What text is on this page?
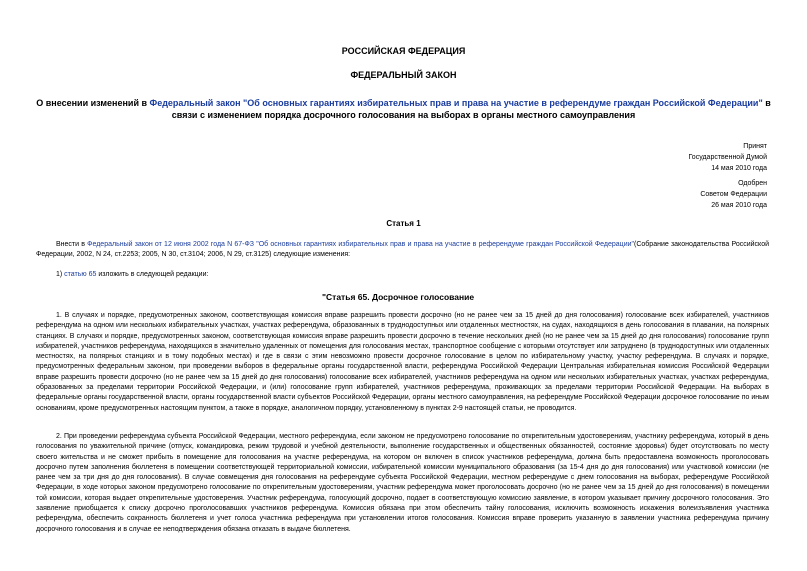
РОССИЙСКАЯ ФЕДЕРАЦИЯ
ФЕДЕРАЛЬНЫЙ ЗАКОН
О внесении изменений в Федеральный закон "Об основных гарантиях избирательных прав и права на участие в референдуме граждан Российской Федерации" в связи с изменением порядка досрочного голосования на выборах в органы местного самоуправления
Принят
Государственной Думой
14 мая 2010 года
Одобрен
Советом Федерации
26 мая 2010 года
Статья 1
Внести в Федеральный закон от 12 июня 2002 года N 67-ФЗ "Об основных гарантиях избирательных прав и права на участие в референдуме граждан Российской Федерации"(Собрание законодательства Российской Федерации, 2002, N 24, ст.2253; 2005, N 30, ст.3104; 2006, N 29, ст.3125) следующие изменения:
1) статью 65 изложить в следующей редакции:
"Статья 65. Досрочное голосование
1. В случаях и порядке, предусмотренных законом, соответствующая комиссия вправе разрешить провести досрочно (но не ранее чем за 15 дней до дня голосования) голосование всех избирателей, участников референдума на одном или нескольких избирательных участках, участках референдума, образованных в труднодоступных или отдаленных местностях, на судах, находящихся в день голосования в плавании, на полярных станциях. В случаях и порядке, предусмотренных законом, соответствующая комиссия вправе разрешить провести досрочно в течение нескольких дней (но не ранее чем за 15 дней до дня голосования) голосование групп избирателей, участников референдума, находящихся в значительно удаленных от помещения для голосования местах, транспортное сообщение с которыми отсутствует или затруднено (в труднодоступных или отдаленных местностях, на полярных станциях и в тому подобных местах) и где в связи с этим невозможно провести досрочное голосование в целом по избирательному участку, участку референдума. В случаях и порядке, предусмотренных федеральным законом, при проведении выборов в федеральные органы государственной власти, референдума Российской Федерации Центральная избирательная комиссия Российской Федерации вправе разрешить провести досрочно (но не ранее чем за 15 дней до дня голосования) голосование всех избирателей, участников референдума на одном или нескольких избирательных участках, участках референдума, образованных за пределами территории Российской Федерации, и (или) голосование групп избирателей, участников референдума, проживающих за пределами территории Российской Федерации. На выборах в федеральные органы государственной власти, органы государственной власти субъектов Российской Федерации, органы местного самоуправления, на референдуме Российской Федерации досрочное голосование по иным основаниям, кроме предусмотренных настоящим пунктом, а также в порядке, аналогичном порядку, установленному в пунктах 2-9 настоящей статьи, не проводится.
2. При проведении референдума субъекта Российской Федерации, местного референдума, если законом не предусмотрено голосование по открепительным удостоверениям, участнику референдума, который в день голосования по уважительной причине (отпуск, командировка, режим трудовой и учебной деятельности, выполнение государственных и общественных обязанностей, состояние здоровья) будет отсутствовать по месту своего жительства и не сможет прибыть в помещение для голосования на участке референдума, на котором он включен в список участников референдума, должна быть предоставлена возможность проголосовать досрочно путем заполнения бюллетеня в помещении соответствующей территориальной комиссии, избирательной комиссии муниципального образования (за 15-4 дня до дня голосования) или участковой комиссии (не ранее чем за три дня до дня голосования). В случае совмещения дня голосования на референдуме субъекта Российской Федерации, местном референдуме с днем голосования на выборах, референдуме Российской Федерации, в ходе которых законом предусмотрено голосование по открепительным удостоверениям, участник референдума может проголосовать досрочно (но не ранее чем за 15 дней до дня голосования) в помещении той комиссии, которая выдает открепительные удостоверения. Участник референдума, голосующий досрочно, подает в соответствующую комиссию заявление, в котором указывает причину досрочного голосования. Это заявление приобщается к списку досрочно проголосовавших участников референдума. Комиссия обязана при этом обеспечить тайну голосования, исключить возможность искажения волеизъявления участника референдума, обеспечить сохранность бюллетеня и учет голоса участника референдума при установлении итогов голосования. Комиссия вправе проверить указанную в заявлении участника референдума причину досрочного голосования и в случае ее неподтверждения обязана отказать в выдаче бюллетеня.
